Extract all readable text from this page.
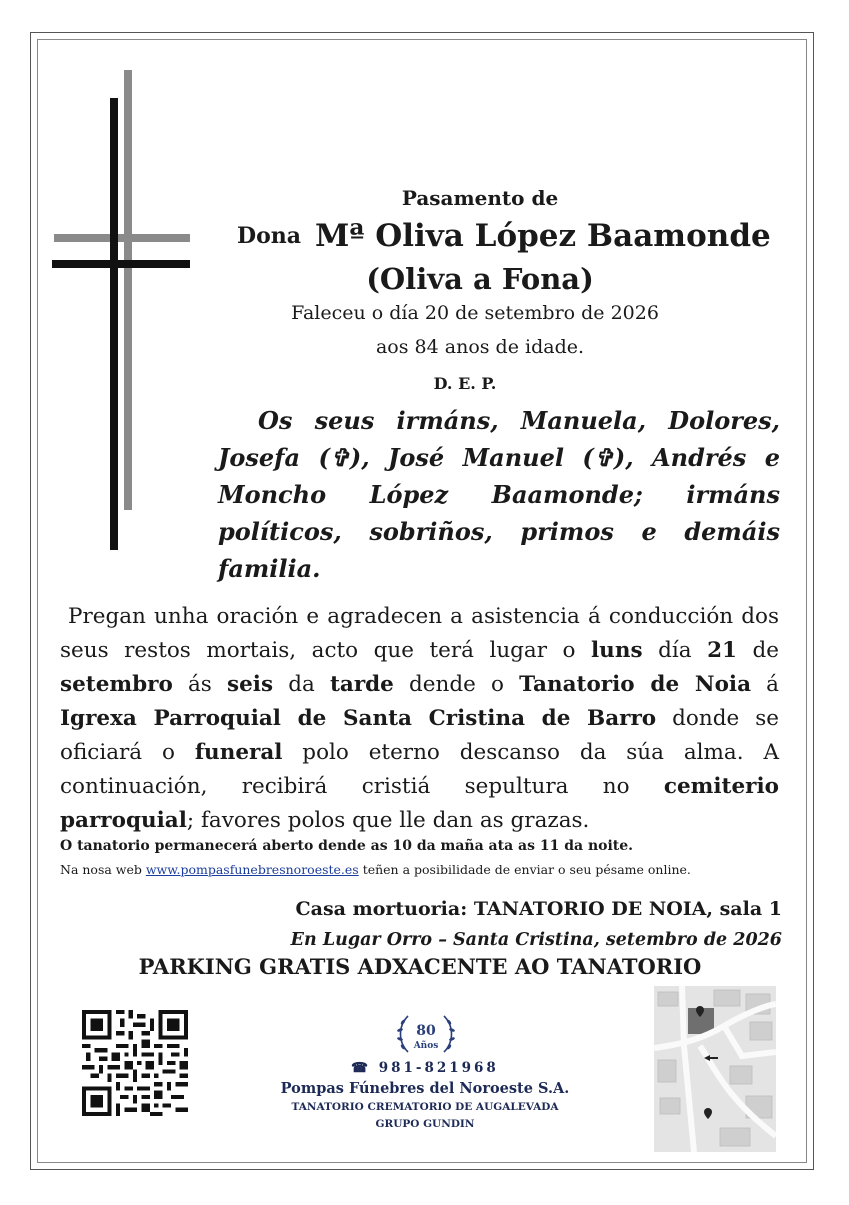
Pasamento de
Dona Mª Oliva López Baamonde
(Oliva a Fona)
Faleceu o día 20 de setembro de 2026
aos 84 anos de idade.
D. E. P.
Os seus irmáns, Manuela, Dolores, Josefa (✞), José Manuel (✞), Andrés e Moncho López Baamonde; irmáns políticos, sobriños, primos e demáis familia.
Pregan unha oración e agradecen a asistencia á conducción dos seus restos mortais, acto que terá lugar o luns día 21 de setembro ás seis da tarde dende o Tanatorio de Noia á Igrexa Parroquial de Santa Cristina de Barro donde se oficiará o funeral polo eterno descanso da súa alma. A continuación, recibirá cristiá sepultura no cemiterio parroquial; favores polos que lle dan as grazas.
O tanatorio permanecerá aberto dende as 10 da maña ata as 11 da noite.
Na nosa web www.pompasfunebresnoroeste.es teñen a posibilidade de enviar o seu pésame online.
Casa mortuoria: TANATORIO DE NOIA, sala 1
En Lugar Orro – Santa Cristina, setembro de 2026
PARKING GRATIS ADXACENTE AO TANATORIO
80
Años
☎ 981-821968
Pompas Fúnebres del Noroeste S.A.
TANATORIO CREMATORIO DE AUGALEVADA
GRUPO GUNDIN
